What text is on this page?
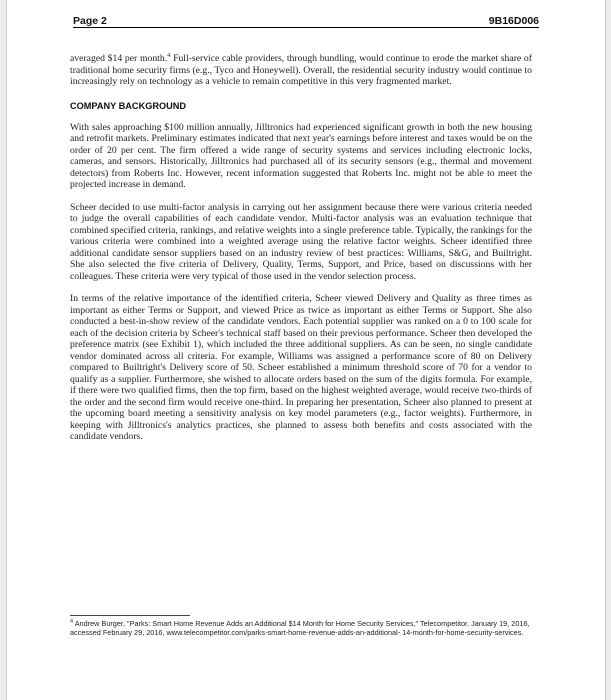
Page 2	9B16D006

averaged $14 per month.$^4$ Full-service cable providers, through bundling, would continue to erode the market share of traditional home security firms (e.g., Tyco and Honeywell). Overall, the residential security industry would continue to increasingly rely on technology as a vehicle to remain competitive in this very fragmented market.

COMPANY BACKGROUND

With sales approaching $100 million annually, Jilltronics had experienced significant growth in both the new housing and retrofit markets. Preliminary estimates indicated that next year's earnings before interest and taxes would be on the order of 20 per cent. The firm offered a wide range of security systems and services including electronic locks, cameras, and sensors. Historically, Jilltronics had purchased all of its security sensors (e.g., thermal and movement detectors) from Roberts Inc. However, recent information suggested that Roberts Inc. might not be able to meet the projected increase in demand.

Scheer decided to use multi-factor analysis in carrying out her assignment because there were various criteria needed to judge the overall capabilities of each candidate vendor. Multi-factor analysis was an evaluation technique that combined specified criteria, rankings, and relative weights into a single preference table. Typically, the rankings for the various criteria were combined into a weighted average using the relative factor weights. Scheer identified three additional candidate sensor suppliers based on an industry review of best practices: Williams, S&G, and Builtright. She also selected the five criteria of Delivery, Quality, Terms, Support, and Price, based on discussions with her colleagues. These criteria were very typical of those used in the vendor selection process.

In terms of the relative importance of the identified criteria, Scheer viewed Delivery and Quality as three times as important as either Terms or Support, and viewed Price as twice as important as either Terms or Support. She also conducted a best-in-show review of the candidate vendors. Each potential supplier was ranked on a 0 to 100 scale for each of the decision criteria by Scheer's technical staff based on their previous performance. Scheer then developed the preference matrix (see Exhibit 1), which included the three additional suppliers. As can be seen, no single candidate vendor dominated across all criteria. For example, Williams was assigned a performance score of 80 on Delivery compared to Builtright's Delivery score of 50. Scheer established a minimum threshold score of 70 for a vendor to qualify as a supplier. Furthermore, she wished to allocate orders based on the sum of the digits formula. For example, if there were two qualified firms, then the top firm, based on the highest weighted average, would receive two-thirds of the order and the second firm would receive one-third. In preparing her presentation, Scheer also planned to present at the upcoming board meeting a sensitivity analysis on key model parameters (e.g., factor weights). Furthermore, in keeping with Jilltronics's analytics practices, she planned to assess both benefits and costs associated with the candidate vendors.

$^4$ Andrew Burger, "Parks: Smart Home Revenue Adds an Additional $14 Month for Home Security Services," Telecompetitor, January 19, 2016, accessed February 29, 2016, www.telecompetitor.com/parks-smart-home-revenue-adds-an-additional- 14-month-for-home-security-services.
